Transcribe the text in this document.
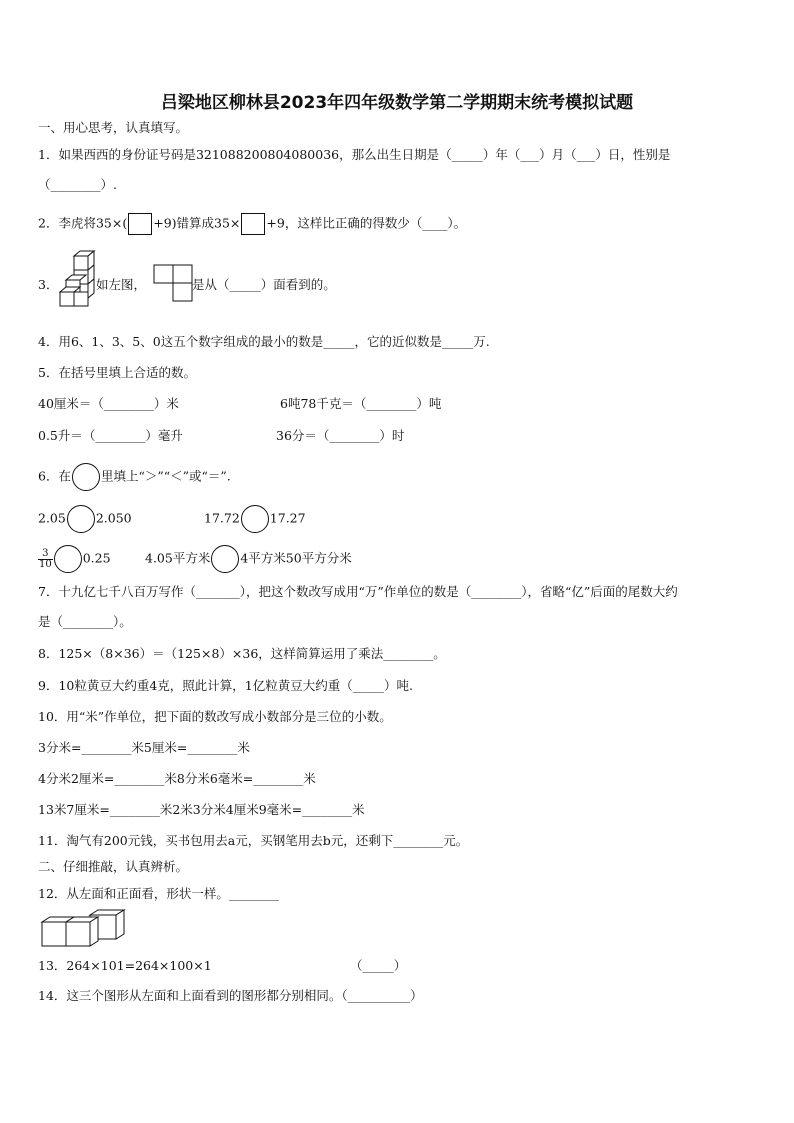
吕梁地区柳林县2023年四年级数学第二学期期末统考模拟试题
一、用心思考，认真填写。
1．如果西西的身份证号码是321088200804080036，那么出生日期是（_____）年（___）月（___）日，性别是
（________）.
2．李虎将35×( +9)错算成35× +9，这样比正确的得数少（____）。
3．	如左图，	是从（_____）面看到的。
4．用6、1、3、5、0这五个数字组成的最小的数是_____，它的近似数是_____万.
5．在括号里填上合适的数。
40厘米＝（________）米	6吨78千克＝（________）吨
0.5升＝（________）毫升	36分＝（________）时
6．在 里填上“＞”“＜”或“＝”.
2.05 2.050	17.72 17.27
$\frac{3}{10} 0.25$	4.05平方米 4平方米50平方分米
7．十九亿七千八百万写作（_______），把这个数改写成用“万”作单位的数是（________），省略“亿”后面的尾数大约
是（________）。
8．125×（8×36）＝（125×8）×36，这样简算运用了乘法________。
9．10粒黄豆大约重4克，照此计算，1亿粒黄豆大约重（_____）吨.
10．用“米”作单位，把下面的数改写成小数部分是三位的小数。
3分米=________米5厘米=________米
4分米2厘米=________米8分米6毫米=________米
13米7厘米=________米2米3分米4厘米9毫米=________米
11．淘气有200元钱，买书包用去a元，买钢笔用去b元，还剩下________元。
二、仔细推敲，认真辨析。
12．从左面和正面看，形状一样。________
13．264×101=264×100×1	（_____）
14．这三个图形从左面和上面看到的图形都分别相同。（__________）
